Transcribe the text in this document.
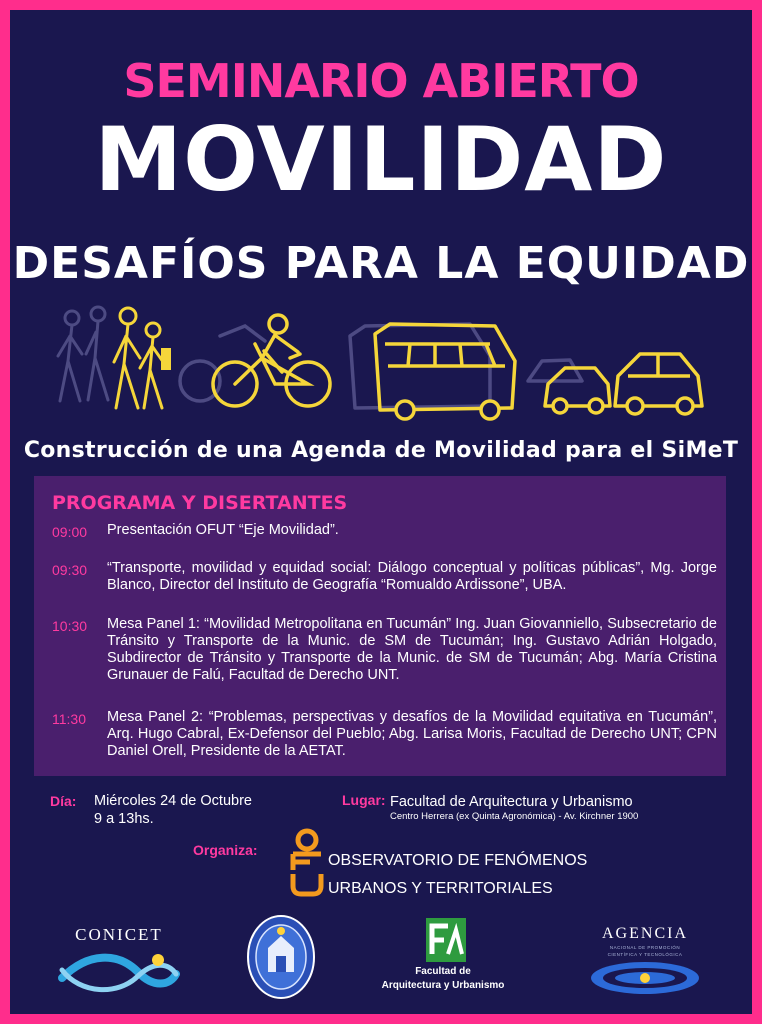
SEMINARIO ABIERTO
MOVILIDAD
DESAFÍOS PARA LA EQUIDAD
Construcción de una Agenda de Movilidad para el SiMeT
PROGRAMA Y DISERTANTES
09:00	Presentación OFUT “Eje Movilidad”.
09:30	“Transporte, movilidad y equidad social: Diálogo conceptual y políticas públicas”, Mg. Jorge Blanco, Director del Instituto de Geografía “Romualdo Ardissone”, UBA.
10:30	Mesa Panel 1: “Movilidad Metropolitana en Tucumán” Ing. Juan Giovanniello, Subsecretario de Tránsito y Transporte de la Munic. de SM de Tucumán; Ing. Gustavo Adrián Holgado, Subdirector de Tránsito y Transporte de la Munic. de SM de Tucumán; Abg. María Cristina Grunauer de Falú, Facultad de Derecho UNT.
11:30	Mesa Panel 2: “Problemas, perspectivas y desafíos de la Movilidad equitativa en Tucumán”, Arq. Hugo Cabral, Ex-Defensor del Pueblo; Abg. Larisa Moris, Facultad de Derecho UNT; CPN Daniel Orell, Presidente de la AETAT.
Día: Miércoles 24 de Octubre
9 a 13hs.
Lugar: Facultad de Arquitectura y Urbanismo
Centro Herrera (ex Quinta Agronómica) - Av. Kirchner 1900
Organiza:
OBSERVATORIO DE FENÓMENOS
URBANOS Y TERRITORIALES
CONICET
Facultad de
Arquitectura y Urbanismo
AGENCIA
NACIONAL DE PROMOCIÓN
CIENTÍFICA Y TECNOLÓGICA
